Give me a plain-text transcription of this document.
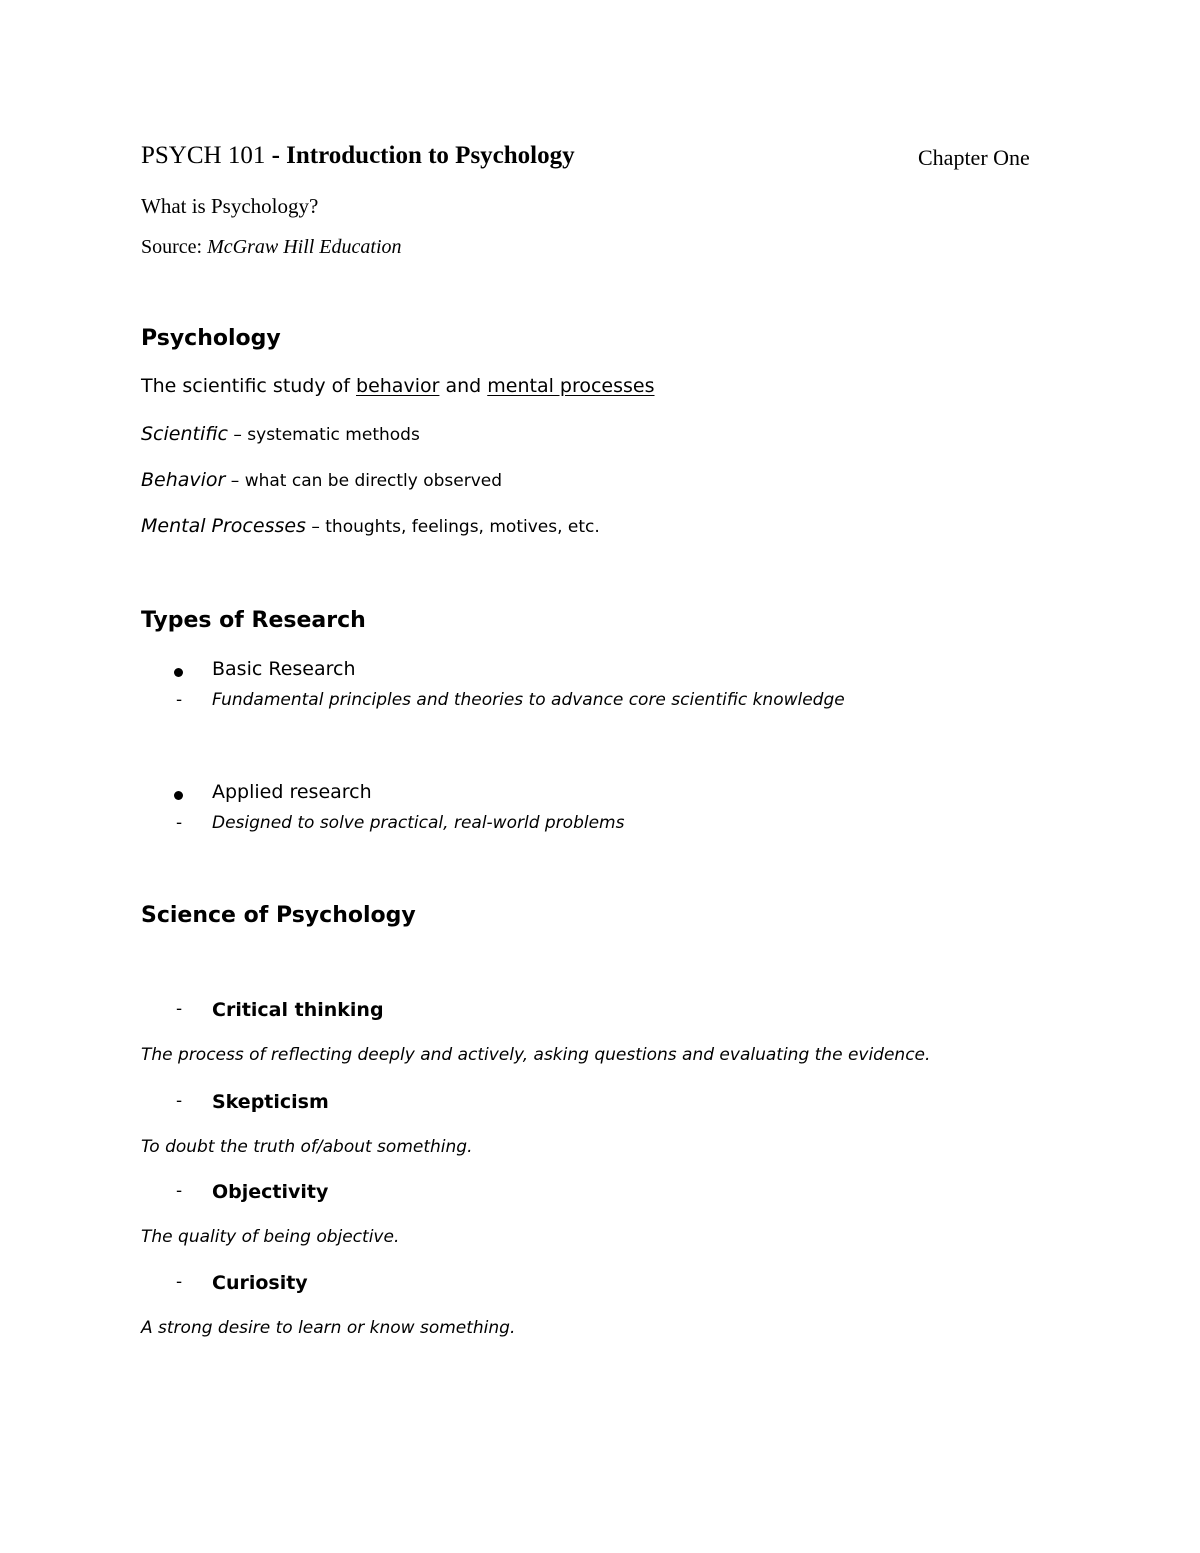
PSYCH 101 - Introduction to Psychology	Chapter One
What is Psychology?
Source: McGraw Hill Education
Psychology
The scientific study of behavior and mental processes
Scientific – systematic methods
Behavior – what can be directly observed
Mental Processes – thoughts, feelings, motives, etc.
Types of Research
Basic Research
- Fundamental principles and theories to advance core scientific knowledge
Applied research
- Designed to solve practical, real-world problems
Science of Psychology
- Critical thinking
The process of reflecting deeply and actively, asking questions and evaluating the evidence.
- Skepticism
To doubt the truth of/about something.
- Objectivity
The quality of being objective.
- Curiosity
A strong desire to learn or know something.
